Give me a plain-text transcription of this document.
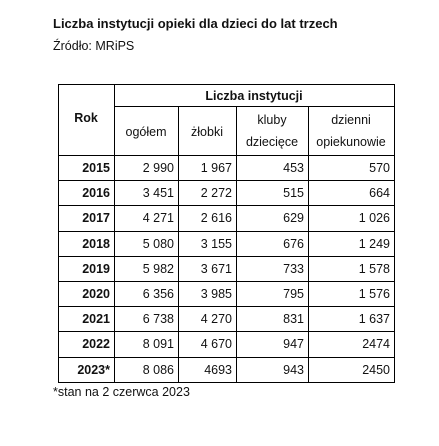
Liczba instytucji opieki dla dzieci do lat trzech
Źródło: MRiPS
Rok
Liczba instytucji
ogółem	żłobki
kluby
dziecięce
dzienni
opiekunowie
2015	2 990	1 967	453	570
2016	3 451	2 272	515	664
2017	4 271	2 616	629	1 026
2018	5 080	3 155	676	1 249
2019	5 982	3 671	733	1 578
2020	6 356	3 985	795	1 576
2021	6 738	4 270	831	1 637
2022	8 091	4 670	947	2474
2023*	8 086	4693	943	2450
*stan na 2 czerwca 2023
